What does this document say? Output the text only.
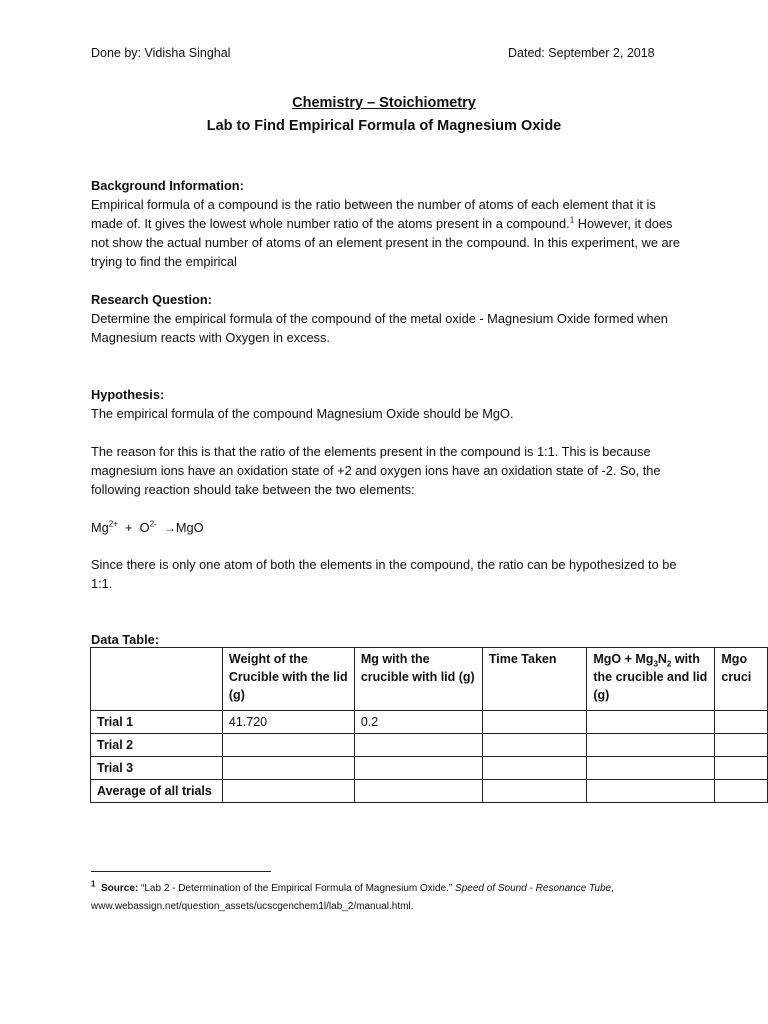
Done by: Vidisha Singhal	Dated: September 2, 2018
Chemistry – Stoichiometry
Lab to Find Empirical Formula of Magnesium Oxide
Background Information:
Empirical formula of a compound is the ratio between the number of atoms of each element that it is made of. It gives the lowest whole number ratio of the atoms present in a compound.$^1$ However, it does not show the actual number of atoms of an element present in the compound. In this experiment, we are trying to find the empirical
Research Question:
Determine the empirical formula of the compound of the metal oxide - Magnesium Oxide formed when Magnesium reacts with Oxygen in excess.
Hypothesis:
The empirical formula of the compound Magnesium Oxide should be MgO.
The reason for this is that the ratio of the elements present in the compound is 1:1. This is because magnesium ions have an oxidation state of +2 and oxygen ions have an oxidation state of -2. So, the following reaction should take between the two elements:
$Mg^{2+} + O^{2-} \to MgO$
Since there is only one atom of both the elements in the compound, the ratio can be hypothesized to be 1:1.
Data Table:
	Weight of the Crucible with the lid (g)	Mg with the crucible with lid (g)	Time Taken	MgO + $Mg_3N_2$ with the crucible and lid (g)	Mgo cruci
Trial 1	41.720	0.2			
Trial 2					
Trial 3					
Average of all trials					
$^1$ Source: “Lab 2 - Determination of the Empirical Formula of Magnesium Oxide.” Speed of Sound - Resonance Tube, www.webassign.net/question_assets/ucscgenchem1l/lab_2/manual.html.
